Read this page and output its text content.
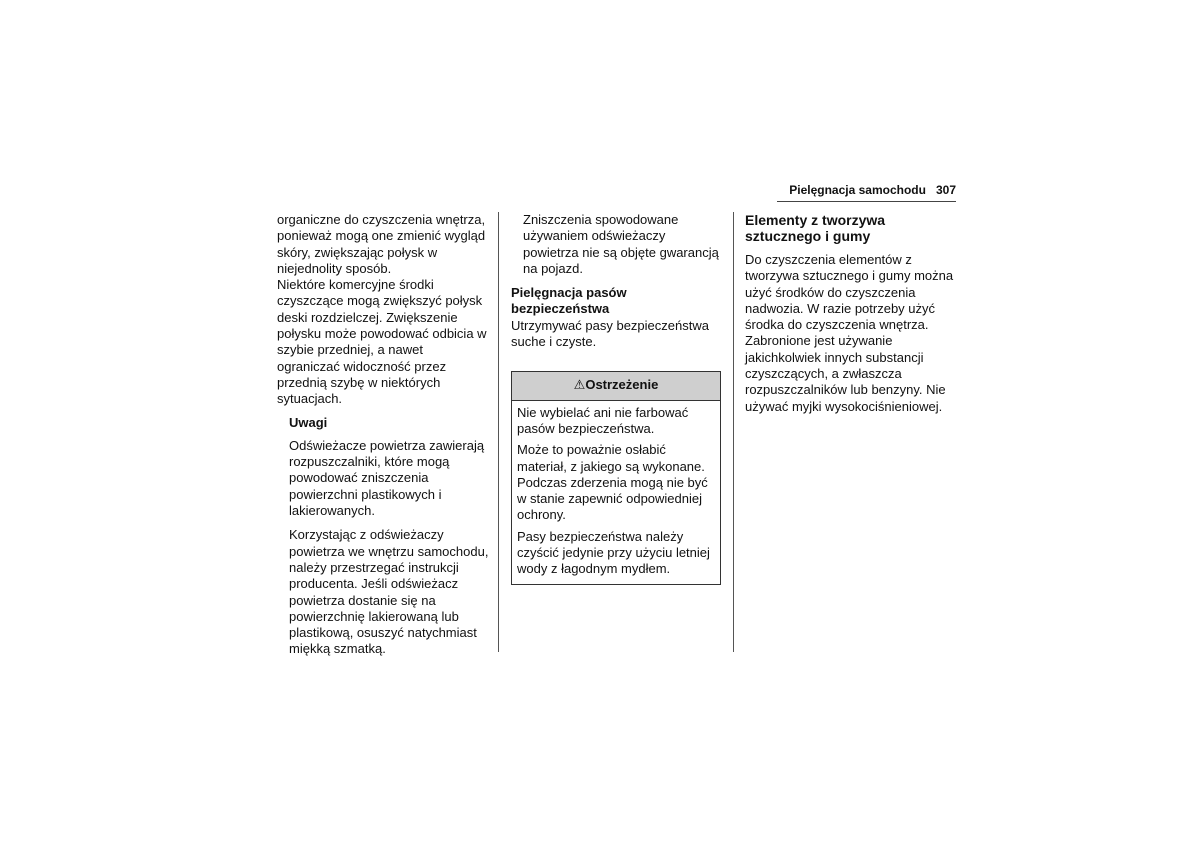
Pielęgnacja samochodu 307

organiczne do czyszczenia wnętrza, ponieważ mogą one zmienić wygląd skóry, zwiększając połysk w niejednolity sposób.

Niektóre komercyjne środki czyszczące mogą zwiększyć połysk deski rozdzielczej. Zwiększenie połysku może powodować odbicia w szybie przedniej, a nawet ograniczać widoczność przez przednią szybę w niektórych sytuacjach.

Uwagi

Odświeżacze powietrza zawierają rozpuszczalniki, które mogą powodować zniszczenia powierzchni plastikowych i lakierowanych.

Korzystając z odświeżaczy powietrza we wnętrzu samochodu, należy przestrzegać instrukcji producenta. Jeśli odświeżacz powietrza dostanie się na powierzchnię lakierowaną lub plastikową, osuszyć natychmiast miękką szmatką.

Zniszczenia spowodowane używaniem odświeżaczy powietrza nie są objęte gwarancją na pojazd.

Pielęgnacja pasów bezpieczeństwa

Utrzymywać pasy bezpieczeństwa suche i czyste.

⚠Ostrzeżenie

Nie wybielać ani nie farbować pasów bezpieczeństwa.

Może to poważnie osłabić materiał, z jakiego są wykonane. Podczas zderzenia mogą nie być w stanie zapewnić odpowiedniej ochrony.

Pasy bezpieczeństwa należy czyścić jedynie przy użyciu letniej wody z łagodnym mydłem.

Elementy z tworzywa sztucznego i gumy

Do czyszczenia elementów z tworzywa sztucznego i gumy można użyć środków do czyszczenia nadwozia. W razie potrzeby użyć środka do czyszczenia wnętrza. Zabronione jest używanie jakichkolwiek innych substancji czyszczących, a zwłaszcza rozpuszczalników lub benzyny. Nie używać myjki wysokociśnieniowej.
